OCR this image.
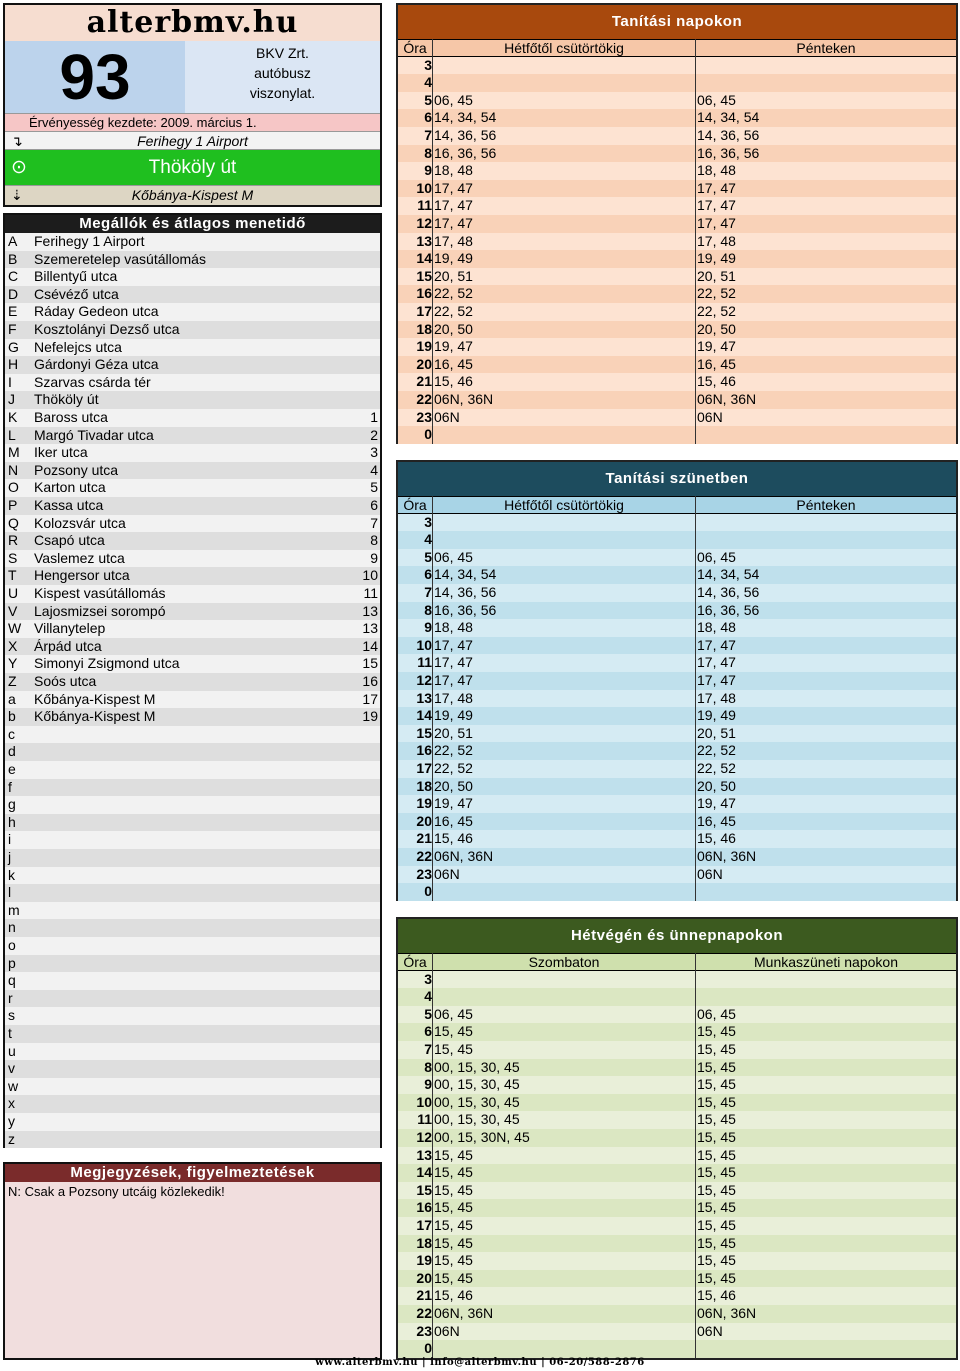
alterbmv.hu
93	BKV Zrt.
autóbusz
viszonylat.
Érvényesség kezdete: 2009. március 1.
↴	Ferihegy 1 Airport
⊙	Thököly út
⇣	Kőbánya-Kispest M
Megállók és átlagos menetidő
A Ferihegy 1 Airport
B Szemeretelep vasútállomás
C Billentyű utca
D Csévéző utca
E Ráday Gedeon utca
F Kosztolányi Dezső utca
G Nefelejcs utca
H Gárdonyi Géza utca
I Szarvas csárda tér
J Thököly út
K Baross utca	1
L Margó Tivadar utca	2
M Iker utca	3
N Pozsony utca	4
O Karton utca	5
P Kassa utca	6
Q Kolozsvár utca	7
R Csapó utca	8
S Vaslemez utca	9
T Hengersor utca	10
U Kispest vasútállomás	11
V Lajosmizsei sorompó	13
W Villanytelep	13
X Árpád utca	14
Y Simonyi Zsigmond utca	15
Z Soós utca	16
a Kőbánya-Kispest M	17
b Kőbánya-Kispest M	19
c
d
e
f
g
h
i
j
k
l
m
n
o
p
q
r
s
t
u
v
w
x
y
z
Megjegyzések, figyelmeztetések
N: Csak a Pozsony utcáig közlekedik!
Tanítási napokon
Óra	Hétfőtől csütörtökig	Pénteken
3
4
5 06, 45	06, 45
6 14, 34, 54	14, 34, 54
7 14, 36, 56	14, 36, 56
8 16, 36, 56	16, 36, 56
9 18, 48	18, 48
10 17, 47	17, 47
11 17, 47	17, 47
12 17, 47	17, 47
13 17, 48	17, 48
14 19, 49	19, 49
15 20, 51	20, 51
16 22, 52	22, 52
17 22, 52	22, 52
18 20, 50	20, 50
19 19, 47	19, 47
20 16, 45	16, 45
21 15, 46	15, 46
22 06N, 36N	06N, 36N
23 06N	06N
0
Tanítási szünetben
Óra	Hétfőtől csütörtökig	Pénteken
3
4
5 06, 45	06, 45
6 14, 34, 54	14, 34, 54
7 14, 36, 56	14, 36, 56
8 16, 36, 56	16, 36, 56
9 18, 48	18, 48
10 17, 47	17, 47
11 17, 47	17, 47
12 17, 47	17, 47
13 17, 48	17, 48
14 19, 49	19, 49
15 20, 51	20, 51
16 22, 52	22, 52
17 22, 52	22, 52
18 20, 50	20, 50
19 19, 47	19, 47
20 16, 45	16, 45
21 15, 46	15, 46
22 06N, 36N	06N, 36N
23 06N	06N
0
Hétvégén és ünnepnapokon
Óra	Szombaton	Munkaszüneti napokon
3
4
5 06, 45	06, 45
6 15, 45	15, 45
7 15, 45	15, 45
8 00, 15, 30, 45	15, 45
9 00, 15, 30, 45	15, 45
10 00, 15, 30, 45	15, 45
11 00, 15, 30, 45	15, 45
12 00, 15, 30N, 45	15, 45
13 15, 45	15, 45
14 15, 45	15, 45
15 15, 45	15, 45
16 15, 45	15, 45
17 15, 45	15, 45
18 15, 45	15, 45
19 15, 45	15, 45
20 15, 45	15, 45
21 15, 46	15, 46
22 06N, 36N	06N, 36N
23 06N	06N
0
www.alterbmv.hu | info@alterbmv.hu | 06-20/588-2876
